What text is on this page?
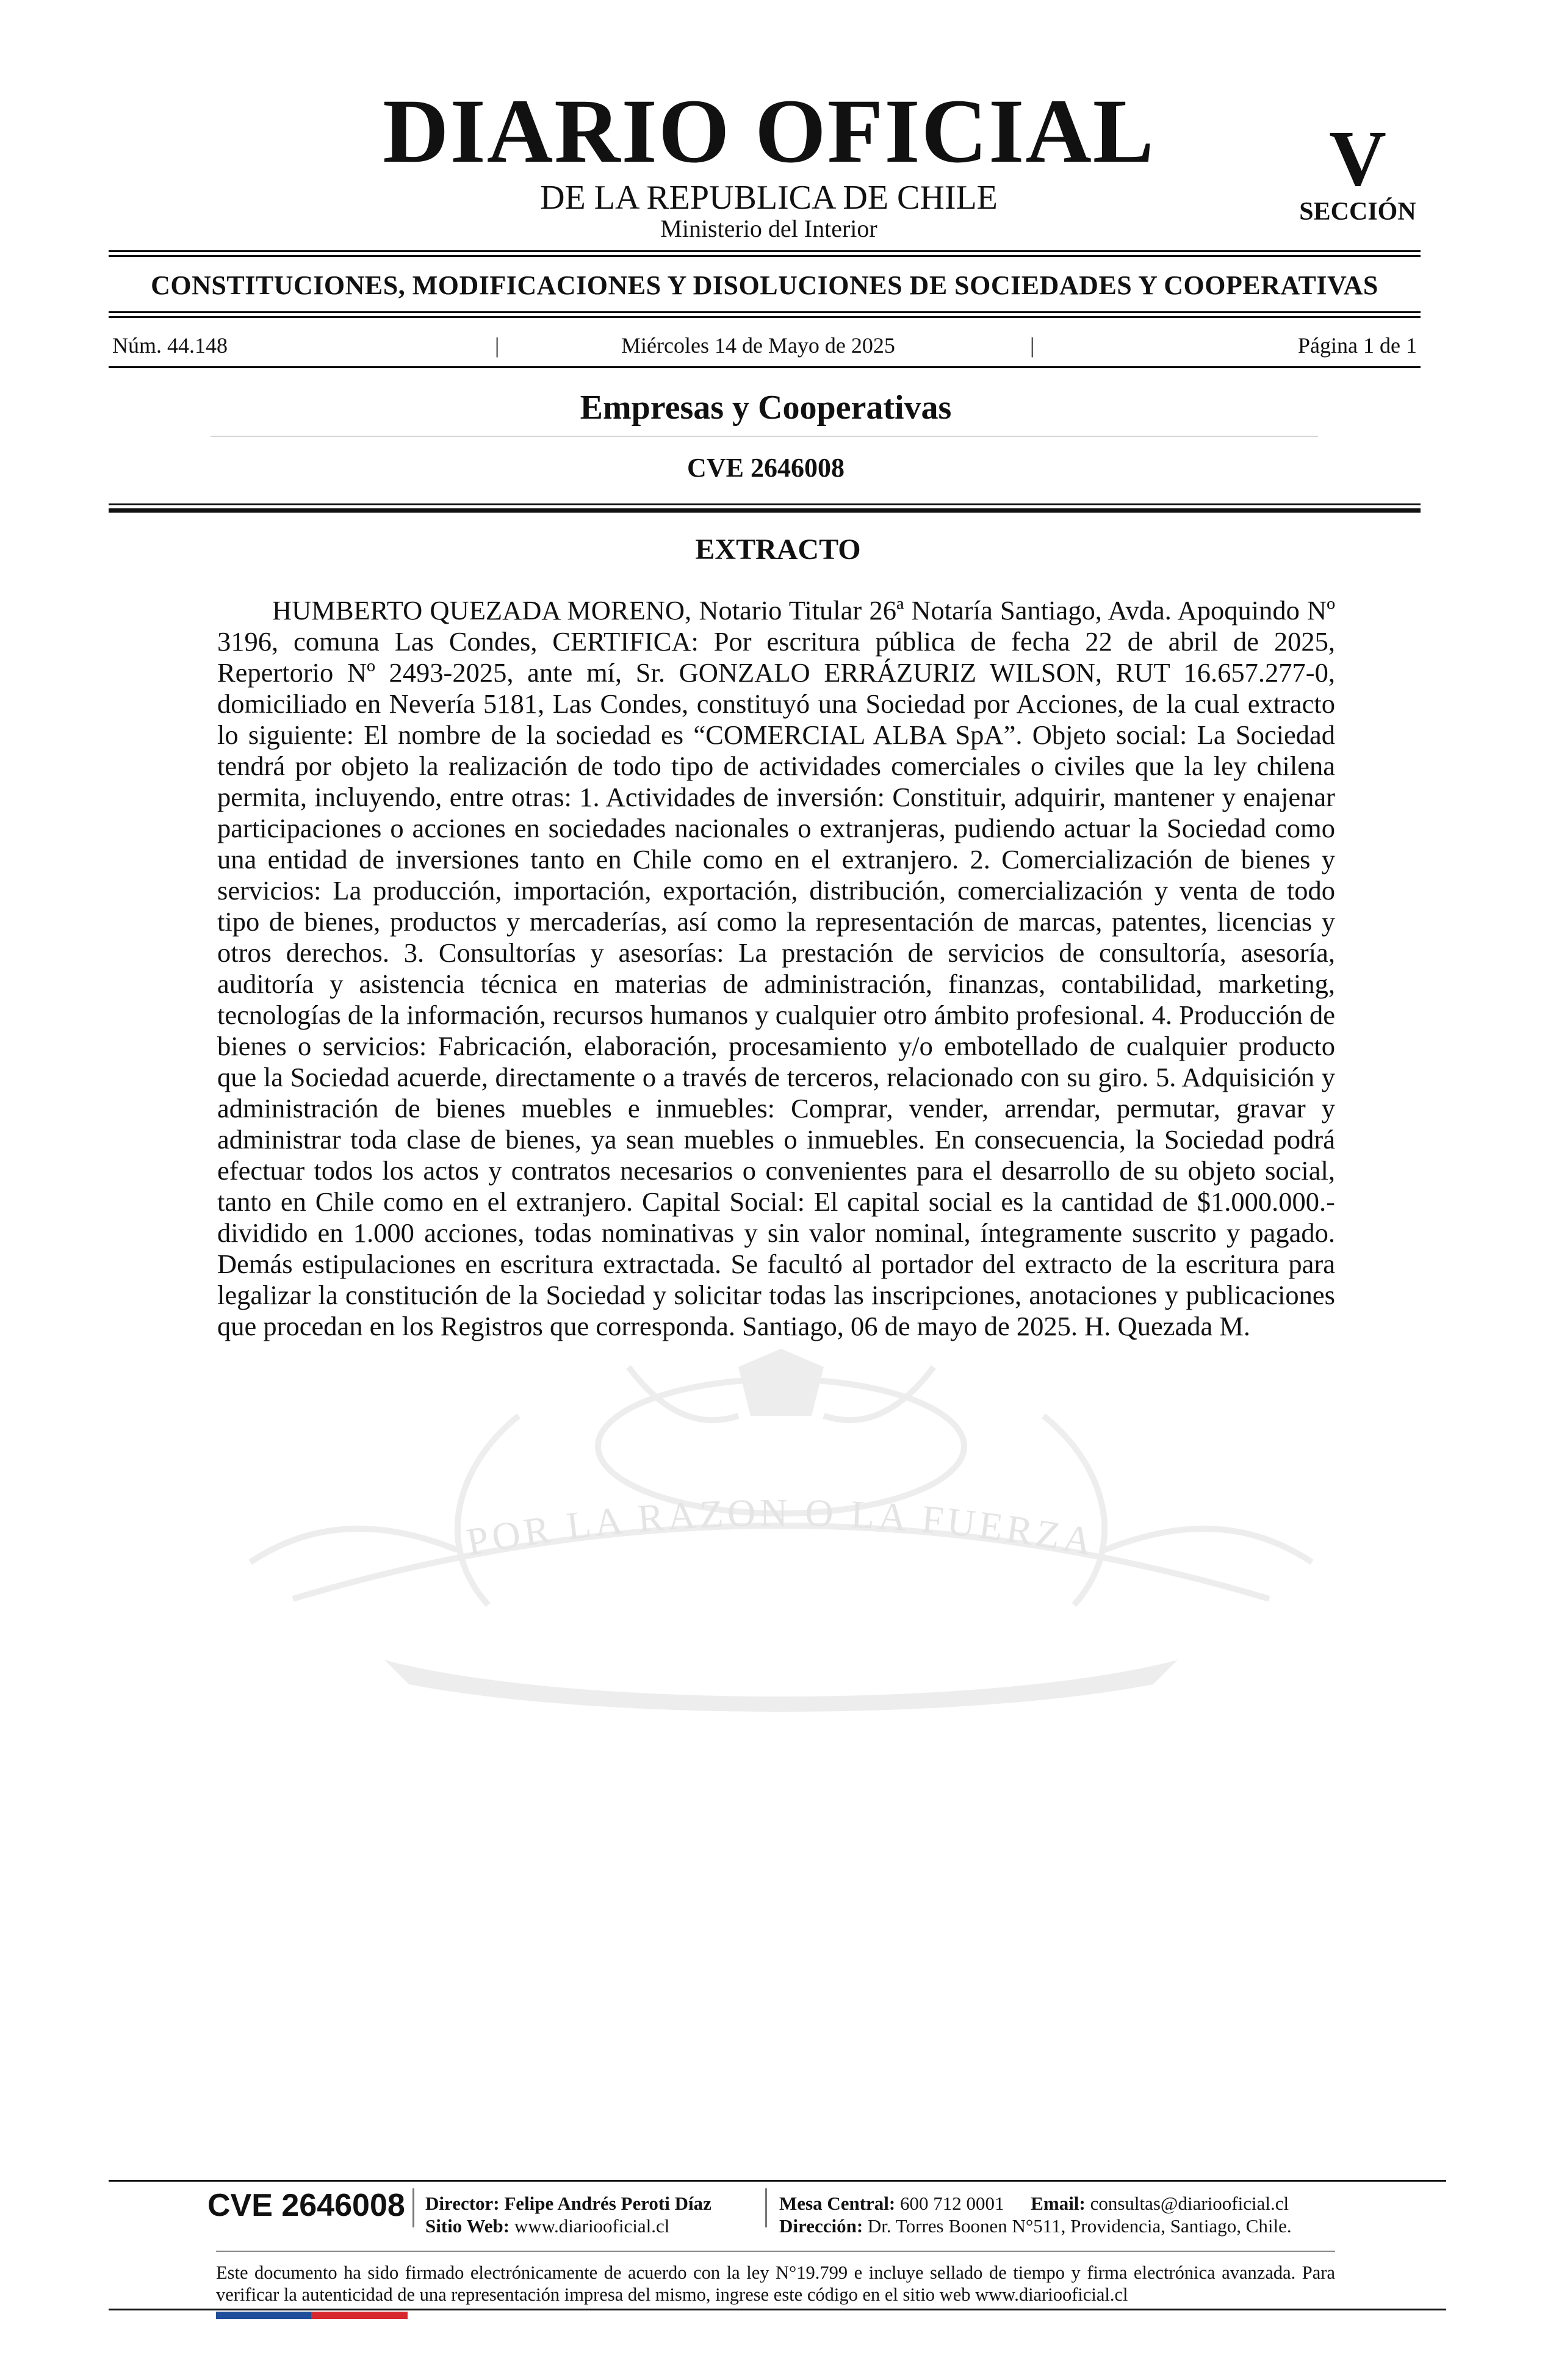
DIARIO OFICIAL
DE LA REPUBLICA DE CHILE
Ministerio del Interior
V
SECCIÓN
CONSTITUCIONES, MODIFICACIONES Y DISOLUCIONES DE SOCIEDADES Y COOPERATIVAS
Núm. 44.148	|	Miércoles 14 de Mayo de 2025	|	Página 1 de 1
Empresas y Cooperativas
CVE 2646008
POR LA RAZON O LA FUERZA
EXTRACTO
HUMBERTO QUEZADA MORENO, Notario Titular 26ª Notaría Santiago, Avda. Apoquindo Nº 3196, comuna Las Condes, CERTIFICA: Por escritura pública de fecha 22 de abril de 2025, Repertorio Nº 2493-2025, ante mí, Sr. GONZALO ERRÁZURIZ WILSON, RUT 16.657.277-0, domiciliado en Nevería 5181, Las Condes, constituyó una Sociedad por Acciones, de la cual extracto lo siguiente: El nombre de la sociedad es “COMERCIAL ALBA SpA”. Objeto social: La Sociedad tendrá por objeto la realización de todo tipo de actividades comerciales o civiles que la ley chilena permita, incluyendo, entre otras: 1. Actividades de inversión: Constituir, adquirir, mantener y enajenar participaciones o acciones en sociedades nacionales o extranjeras, pudiendo actuar la Sociedad como una entidad de inversiones tanto en Chile como en el extranjero. 2. Comercialización de bienes y servicios: La producción, importación, exportación, distribución, comercialización y venta de todo tipo de bienes, productos y mercaderías, así como la representación de marcas, patentes, licencias y otros derechos. 3. Consultorías y asesorías: La prestación de servicios de consultoría, asesoría, auditoría y asistencia técnica en materias de administración, finanzas, contabilidad, marketing, tecnologías de la información, recursos humanos y cualquier otro ámbito profesional. 4. Producción de bienes o servicios: Fabricación, elaboración, procesamiento y/o embotellado de cualquier producto que la Sociedad acuerde, directamente o a través de terceros, relacionado con su giro. 5. Adquisición y administración de bienes muebles e inmuebles: Comprar, vender, arrendar, permutar, gravar y administrar toda clase de bienes, ya sean muebles o inmuebles. En consecuencia, la Sociedad podrá efectuar todos los actos y contratos necesarios o convenientes para el desarrollo de su objeto social, tanto en Chile como en el extranjero. Capital Social: El capital social es la cantidad de $1.000.000.- dividido en 1.000 acciones, todas nominativas y sin valor nominal, íntegramente suscrito y pagado. Demás estipulaciones en escritura extractada. Se facultó al portador del extracto de la escritura para legalizar la constitución de la Sociedad y solicitar todas las inscripciones, anotaciones y publicaciones que procedan en los Registros que corresponda. Santiago, 06 de mayo de 2025. H. Quezada M.
CVE 2646008 Director: Felipe Andrés Peroti Díaz
Sitio Web: www.diariooficial.cl
Mesa Central: 600 712 0001 Email: consultas@diariooficial.cl
Dirección: Dr. Torres Boonen N°511, Providencia, Santiago, Chile.
Este documento ha sido firmado electrónicamente de acuerdo con la ley N°19.799 e incluye sellado de tiempo y firma electrónica avanzada. Para verificar la autenticidad de una representación impresa del mismo, ingrese este código en el sitio web www.diariooficial.cl
